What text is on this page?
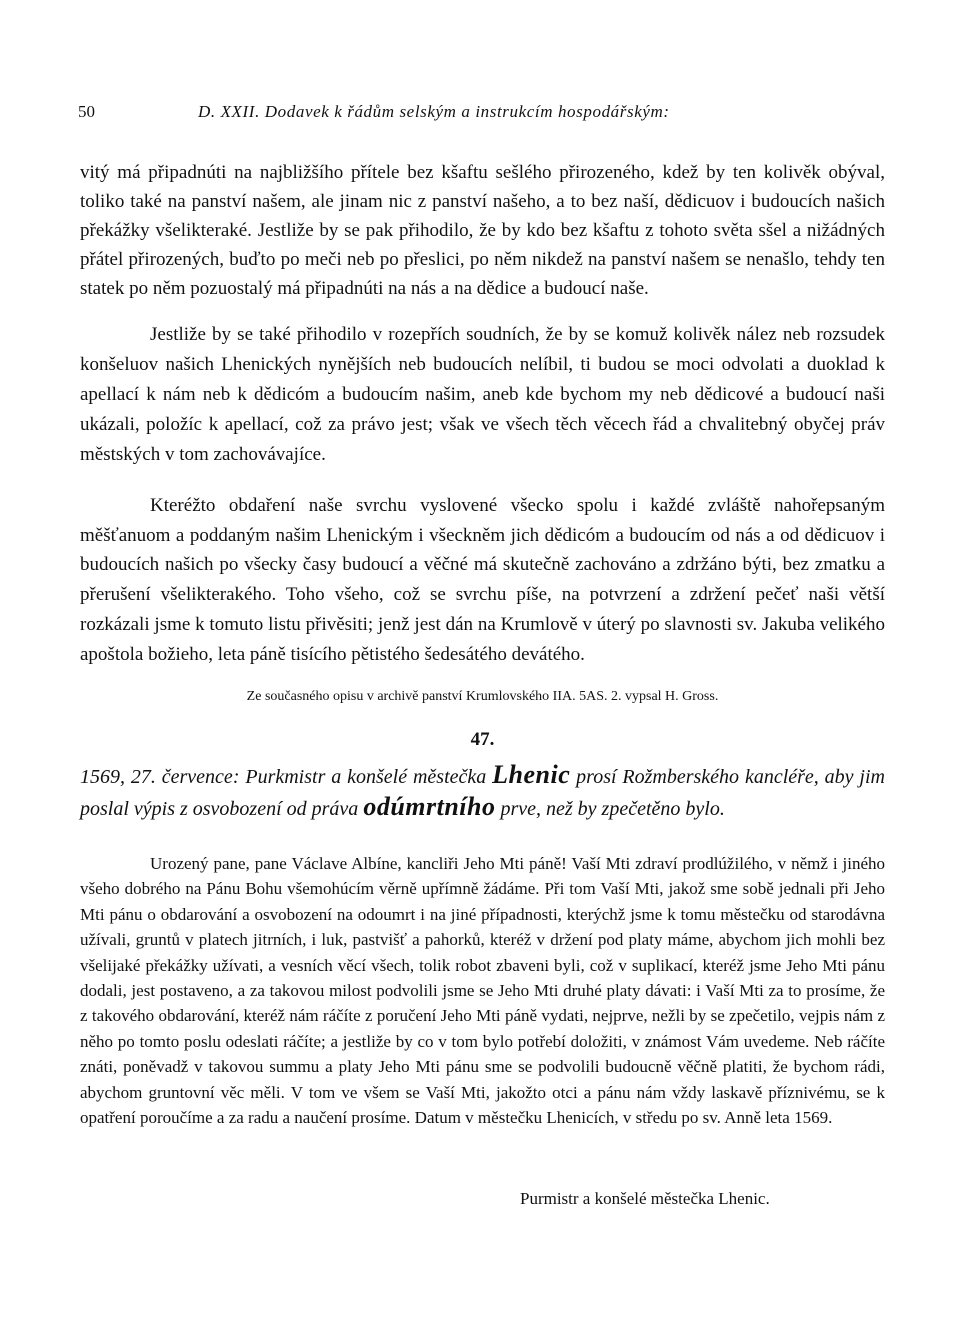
50	D. XXII. Dodavek k řádům selským a instrukcím hospodářským:
vitý má připadnúti na najbližšího přítele bez kšaftu sešlého přirozeného, kdež by ten kolivěk obýval, toliko také na panství našem, ale jinam nic z panství našeho, a to bez naší, dědicuov i budoucích našich překážky všelikteraké. Jestliže by se pak přihodilo, že by kdo bez kšaftu z tohoto světa sšel a nižádných přátel přirozených, buďto po meči neb po přeslici, po něm nikdež na panství našem se nenašlo, tehdy ten statek po něm pozuostalý má připadnúti na nás a na dědice a budoucí naše.
Jestliže by se také přihodilo v rozepřích soudních, že by se komuž kolivěk nález neb rozsudek konšeluov našich Lhenických nynějších neb budoucích nelíbil, ti budou se moci odvolati a duoklad k apellací k nám neb k dědicóm a budoucím našim, aneb kde bychom my neb dědicové a budoucí naši ukázali, položíc k apellací, což za právo jest; však ve všech těch věcech řád a chvalitebný obyčej práv městských v tom zachovávajíce.
Kteréžto obdaření naše svrchu vyslovené všecko spolu i každé zvláště nahořepsaným měšťanuom a poddaným našim Lhenickým i všeckněm jich dědicóm a budoucím od nás a od dědicuov i budoucích našich po všecky časy budoucí a věčné má skutečně zachováno a zdržáno býti, bez zmatku a přerušení všelikterakého. Toho všeho, což se svrchu píše, na potvrzení a zdržení pečeť naši větší rozkázali jsme k tomuto listu přivěsiti; jenž jest dán na Krumlově v úterý po slavnosti sv. Jakuba velikého apoštola božieho, leta páně tisícího pětistého šedesátého devátého.
Ze současného opisu v archivě panství Krumlovského IIA. 5AS. 2. vypsal H. Gross.
47.
1569, 27. července: Purkmistr a konšelé městečka Lhenic prosí Rožmberského kancléře, aby jim poslal výpis z osvobození od práva odúmrtního prve, než by zpečetěno bylo.
Urozený pane, pane Václave Albíne, kancliři Jeho Mti páně! Vaší Mti zdraví prodlúžilého, v němž i jiného všeho dobrého na Pánu Bohu všemohúcím věrně upřímně žádáme. Při tom Vaší Mti, jakož sme sobě jednali při Jeho Mti pánu o obdarování a osvobození na odoumrt i na jiné případnosti, kterýchž jsme k tomu městečku od starodávna užívali, gruntů v platech jitrních, i luk, pastvišť a pahorků, kteréž v držení pod platy máme, abychom jich mohli bez všelijaké překážky užívati, a vesních věcí všech, tolik robot zbaveni byli, což v suplikací, kteréž jsme Jeho Mti pánu dodali, jest postaveno, a za takovou milost podvolili jsme se Jeho Mti druhé platy dávati: i Vaší Mti za to prosíme, že z takového obdarování, kteréž nám ráčíte z poručení Jeho Mti páně vydati, nejprve, nežli by se zpečetilo, vejpis nám z něho po tomto poslu odeslati ráčíte; a jestliže by co v tom bylo potřebí doložiti, v známost Vám uvedeme. Neb ráčíte znáti, poněvadž v takovou summu a platy Jeho Mti pánu sme se podvolili budoucně věčně platiti, že bychom rádi, abychom gruntovní věc měli. V tom ve všem se Vaší Mti, jakožto otci a pánu nám vždy laskavě příznivému, se k opatření poroučíme a za radu a naučení prosíme. Datum v městečku Lhenicích, v středu po sv. Anně leta 1569.
Purmistr a konšelé městečka Lhenic.
